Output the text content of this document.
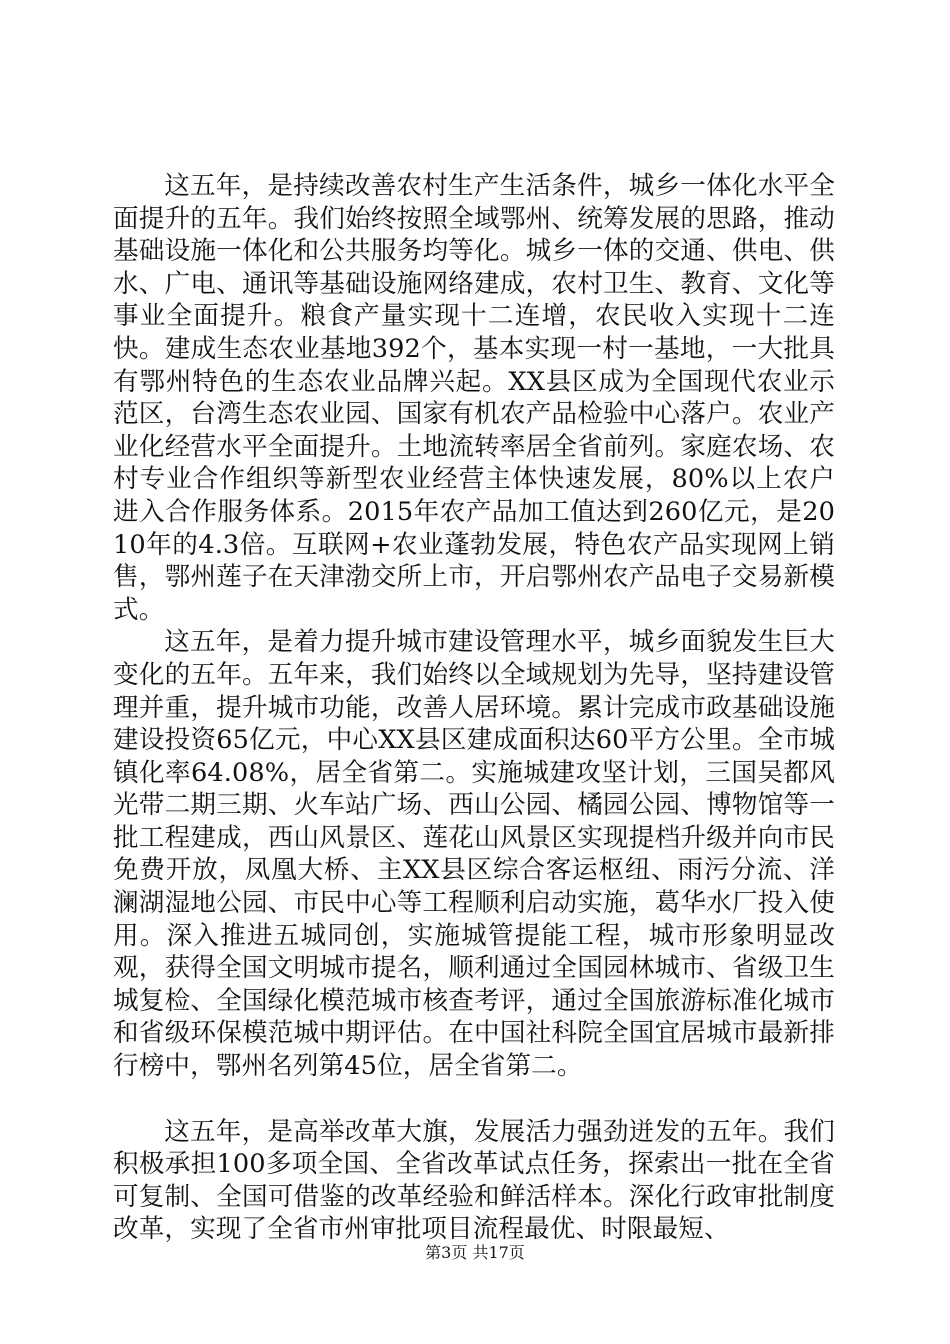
这五年，是持续改善农村生产生活条件，城乡一体化水平全面提升的五年。我们始终按照全域鄂州、统筹发展的思路，推动基础设施一体化和公共服务均等化。城乡一体的交通、供电、供水、广电、通讯等基础设施网络建成，农村卫生、教育、文化等事业全面提升。粮食产量实现十二连增，农民收入实现十二连快。建成生态农业基地392个，基本实现一村一基地，一大批具有鄂州特色的生态农业品牌兴起。XX县区成为全国现代农业示范区，台湾生态农业园、国家有机农产品检验中心落户。农业产业化经营水平全面提升。土地流转率居全省前列。家庭农场、农村专业合作组织等新型农业经营主体快速发展，80%以上农户进入合作服务体系。2015年农产品加工值达到260亿元，是2010年的4.3倍。互联网+农业蓬勃发展，特色农产品实现网上销售，鄂州莲子在天津渤交所上市，开启鄂州农产品电子交易新模式。

这五年，是着力提升城市建设管理水平，城乡面貌发生巨大变化的五年。五年来，我们始终以全域规划为先导，坚持建设管理并重，提升城市功能，改善人居环境。累计完成市政基础设施建设投资65亿元，中心XX县区建成面积达60平方公里。全市城镇化率64.08%，居全省第二。实施城建攻坚计划，三国吴都风光带二期三期、火车站广场、西山公园、橘园公园、博物馆等一批工程建成，西山风景区、莲花山风景区实现提档升级并向市民免费开放，凤凰大桥、主XX县区综合客运枢纽、雨污分流、洋澜湖湿地公园、市民中心等工程顺利启动实施，葛华水厂投入使用。深入推进五城同创，实施城管提能工程，城市形象明显改观，获得全国文明城市提名，顺利通过全国园林城市、省级卫生城复检、全国绿化模范城市核查考评，通过全国旅游标准化城市和省级环保模范城中期评估。在中国社科院全国宜居城市最新排行榜中，鄂州名列第45位，居全省第二。

这五年，是高举改革大旗，发展活力强劲迸发的五年。我们积极承担100多项全国、全省改革试点任务，探索出一批在全省可复制、全国可借鉴的改革经验和鲜活样本。深化行政审批制度改革，实现了全省市州审批项目流程最优、时限最短、

第3页 共17页
